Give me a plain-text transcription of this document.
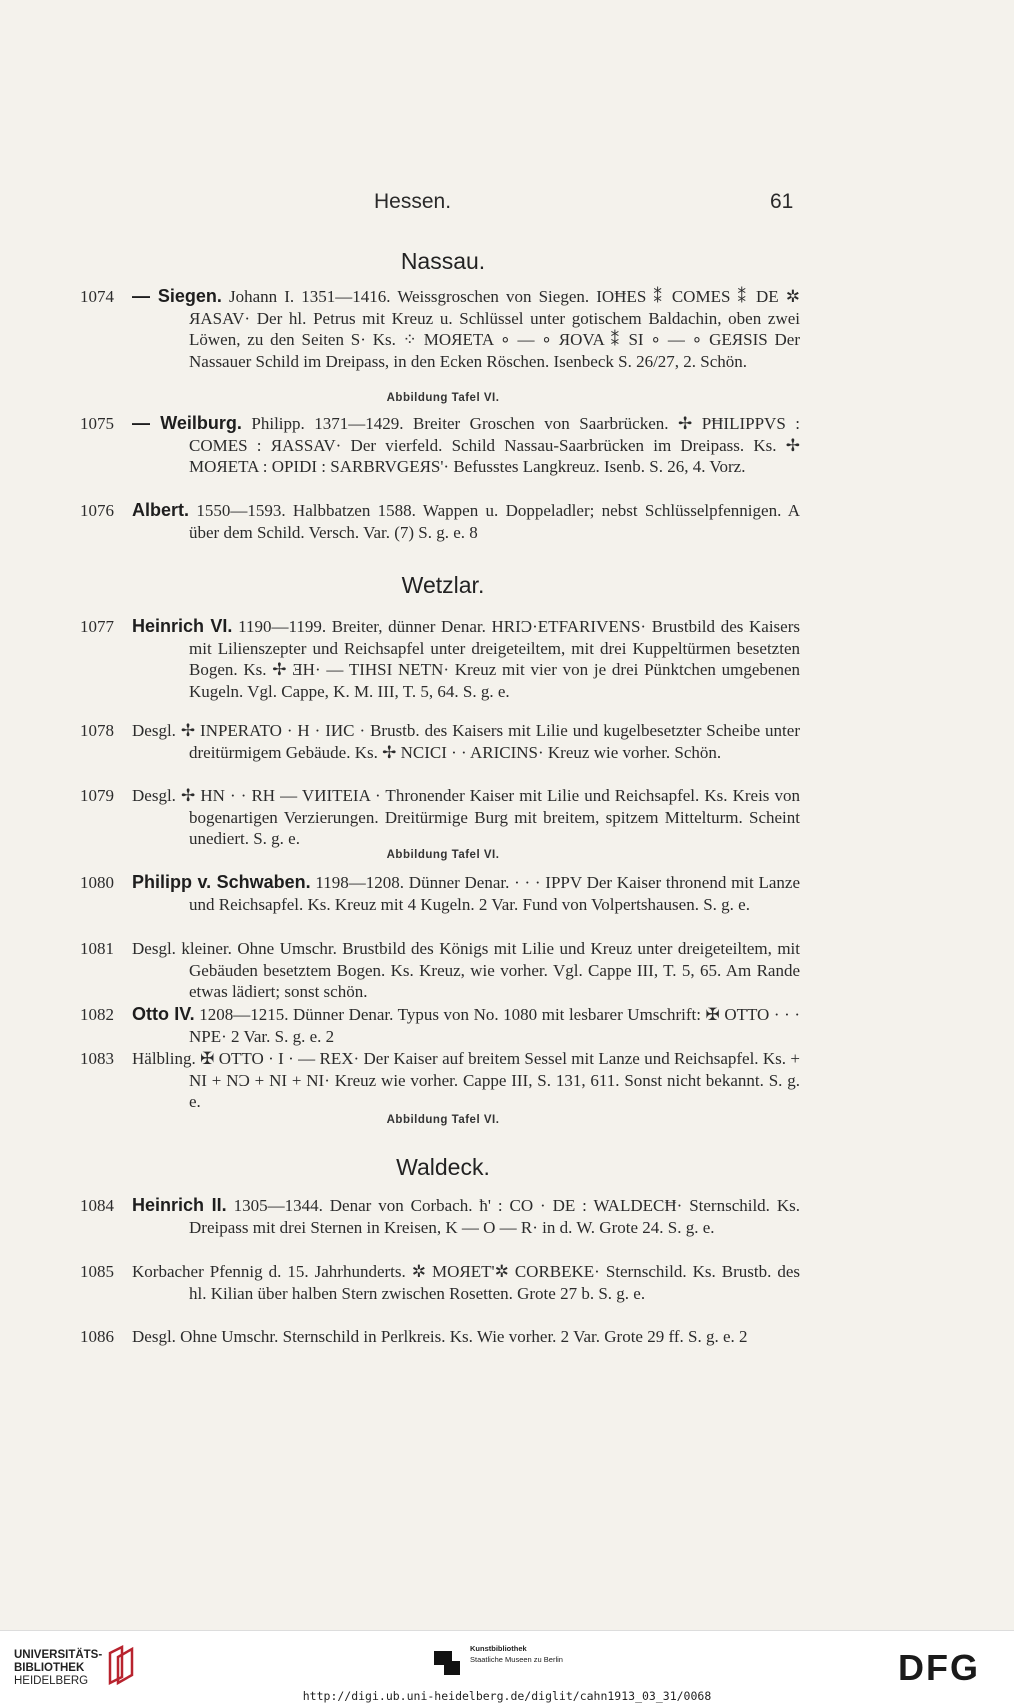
Hessen.	61
Nassau.
1074	— Siegen. Johann I. 1351—1416. Weissgroschen von Siegen. IOĦES ⁑ COMES ⁑ DE ✲ ЯASAV· Der hl. Petrus mit Kreuz u. Schlüssel unter gotischem Baldachin, oben zwei Löwen, zu den Seiten S· Ks. ⁘ MOЯETA ∘ — ∘ ЯOVA ⁑ SI ∘ — ∘ GEЯSIS Der Nassauer Schild im Dreipass, in den Ecken Röschen. Isenbeck S. 26/27, 2. Schön.
Abbildung Tafel VI.
1075	— Weilburg. Philipp. 1371—1429. Breiter Groschen von Saarbrücken. ✢ PĦILIPPVS : COMES : ЯASSAV· Der vierfeld. Schild Nassau-Saarbrücken im Dreipass. Ks. ✢ MOЯETA : OPIDI : SARBRVGEЯS'· Befusstes Langkreuz. Isenb. S. 26, 4. Vorz.
1076	Albert. 1550—1593. Halbbatzen 1588. Wappen u. Doppeladler; nebst Schlüsselpfennigen. A über dem Schild. Versch. Var. (7) S. g. e. 8
Wetzlar.
1077	Heinrich VI. 1190—1199. Breiter, dünner Denar. HRIƆ·ETFARIVENS· Brustbild des Kaisers mit Lilienszepter und Reichsapfel unter dreigeteiltem, mit drei Kuppeltürmen besetzten Bogen. Ks. ✢ ƎH· — TIHSI NETN· Kreuz mit vier von je drei Pünktchen umgebenen Kugeln. Vgl. Cappe, K. M. III, T. 5, 64. S. g. e.
1078	Desgl. ✢ INPERATO · H · IИC · Brustb. des Kaisers mit Lilie und kugelbesetzter Scheibe unter dreitürmigem Gebäude. Ks. ✢ NCICI · · ARICINS· Kreuz wie vorher. Schön.
1079	Desgl. ✢ HN · · RH — VИITEIA · Thronender Kaiser mit Lilie und Reichsapfel. Ks. Kreis von bogenartigen Verzierungen. Dreitürmige Burg mit breitem, spitzem Mittelturm. Scheint unediert. S. g. e.
Abbildung Tafel VI.
1080	Philipp v. Schwaben. 1198—1208. Dünner Denar. · · · IPPV Der Kaiser thronend mit Lanze und Reichsapfel. Ks. Kreuz mit 4 Kugeln. 2 Var. Fund von Volpertshausen. S. g. e.
1081	Desgl. kleiner. Ohne Umschr. Brustbild des Königs mit Lilie und Kreuz unter dreigeteiltem, mit Gebäuden besetztem Bogen. Ks. Kreuz, wie vorher. Vgl. Cappe III, T. 5, 65. Am Rande etwas lädiert; sonst schön.
1082	Otto IV. 1208—1215. Dünner Denar. Typus von No. 1080 mit lesbarer Umschrift: ✠ OTTO · · · NPE· 2 Var. S. g. e. 2
1083	Hälbling. ✠ OTTO · I · — REX· Der Kaiser auf breitem Sessel mit Lanze und Reichsapfel. Ks. + NI + NƆ + NI + NI· Kreuz wie vorher. Cappe III, S. 131, 611. Sonst nicht bekannt. S. g. e.
Abbildung Tafel VI.
Waldeck.
1084	Heinrich II. 1305—1344. Denar von Corbach. ħ' : CO · DE : WALDECĦ· Sternschild. Ks. Dreipass mit drei Sternen in Kreisen, K — O — R· in d. W. Grote 24. S. g. e.
1085	Korbacher Pfennig d. 15. Jahrhunderts. ✲ MOЯET'✲ CORBEKE· Sternschild. Ks. Brustb. des hl. Kilian über halben Stern zwischen Rosetten. Grote 27 b. S. g. e.
1086	Desgl. Ohne Umschr. Sternschild in Perlkreis. Ks. Wie vorher. 2 Var. Grote 29 ff. S. g. e. 2
UNIVERSITÄTS-
BIBLIOTHEK
HEIDELBERG
Kunstbibliothek
Staatliche Museen zu Berlin	DFG
http://digi.ub.uni-heidelberg.de/diglit/cahn1913_03_31/0068
